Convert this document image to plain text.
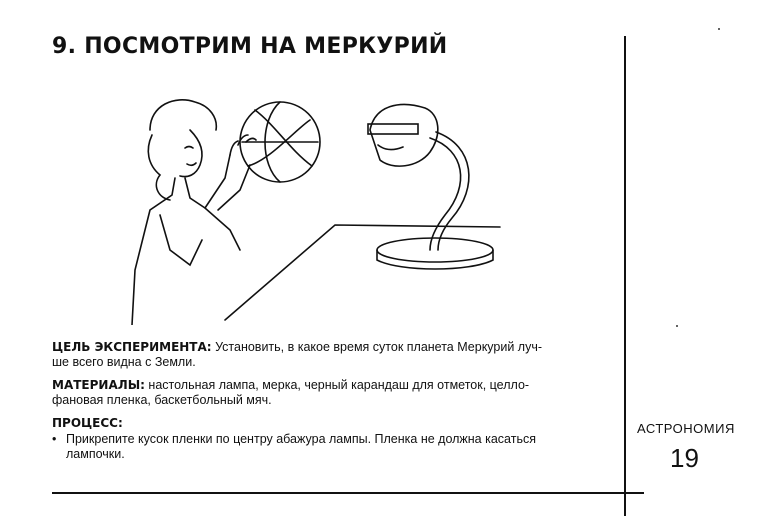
9. ПОСМОТРИМ НА МЕРКУРИЙ
ЦЕЛЬ ЭКСПЕРИМЕНТА: Установить, в какое время суток планета Меркурий луч-
ше всего видна с Земли.
МАТЕРИАЛЫ: настольная лампа, мерка, черный карандаш для отметок, целло-
фановая пленка, баскетбольный мяч.
ПРОЦЕСС:
• Прикрепите кусок пленки по центру абажура лампы. Пленка не должна касаться
лампочки.
АСТРОНОМИЯ
19
